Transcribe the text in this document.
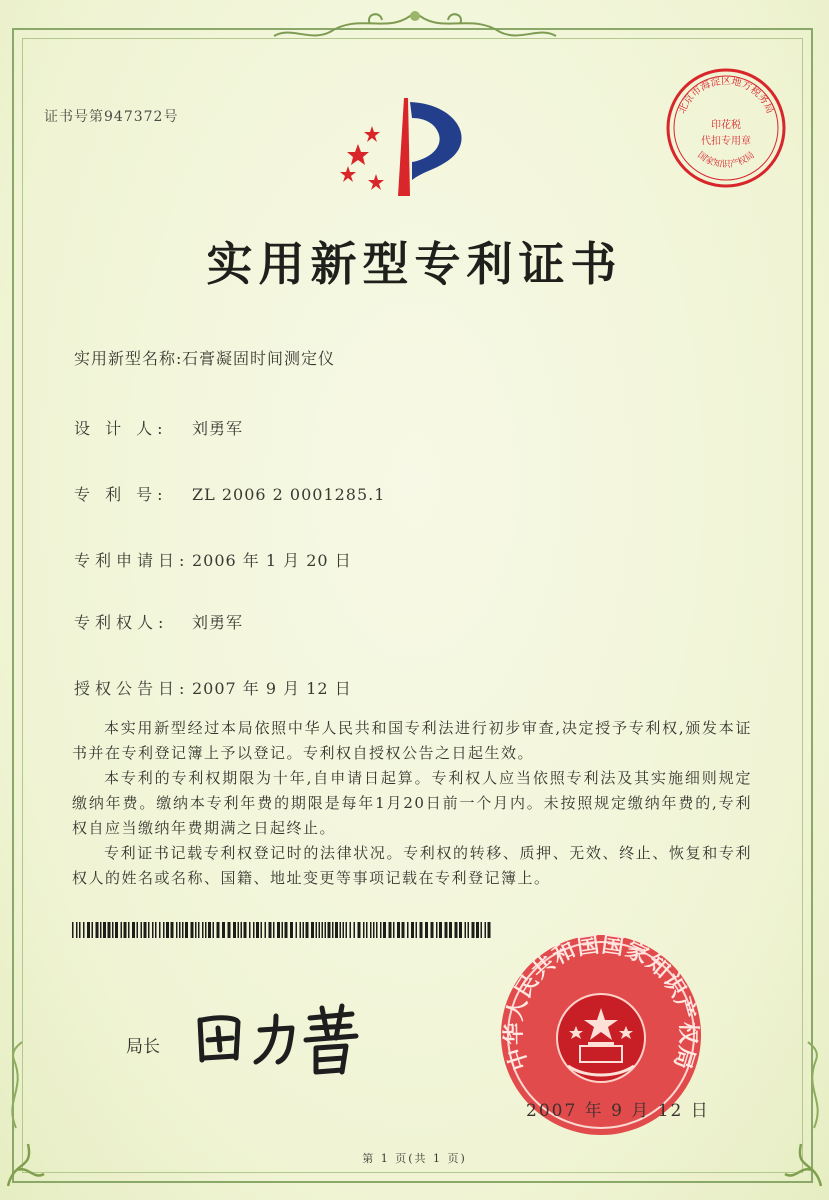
证书号第947372号
北京市海淀区地方税务局
国家知识产权局
印花税
代扣专用章
实用新型专利证书
实用新型名称:石膏凝固时间测定仪
设 计 人: 刘勇军
专 利 号: ZL 2006 2 0001285.1
专利申请日: 2006 年 1 月 20 日
专利权人: 刘勇军
授权公告日: 2007 年 9 月 12 日

本实用新型经过本局依照中华人民共和国专利法进行初步审查,决定授予专利权,颁发本证书并在专利登记簿上予以登记。专利权自授权公告之日起生效。

本专利的专利权期限为十年,自申请日起算。专利权人应当依照专利法及其实施细则规定缴纳年费。缴纳本专利年费的期限是每年1月20日前一个月内。未按照规定缴纳年费的,专利权自应当缴纳年费期满之日起终止。

专利证书记载专利权登记时的法律状况。专利权的转移、质押、无效、终止、恢复和专利权人的姓名或名称、国籍、地址变更等事项记载在专利登记簿上。

局长	中华人民共和国国家知识产权局
2007 年 9 月 12 日
第 1 页(共 1 页)
